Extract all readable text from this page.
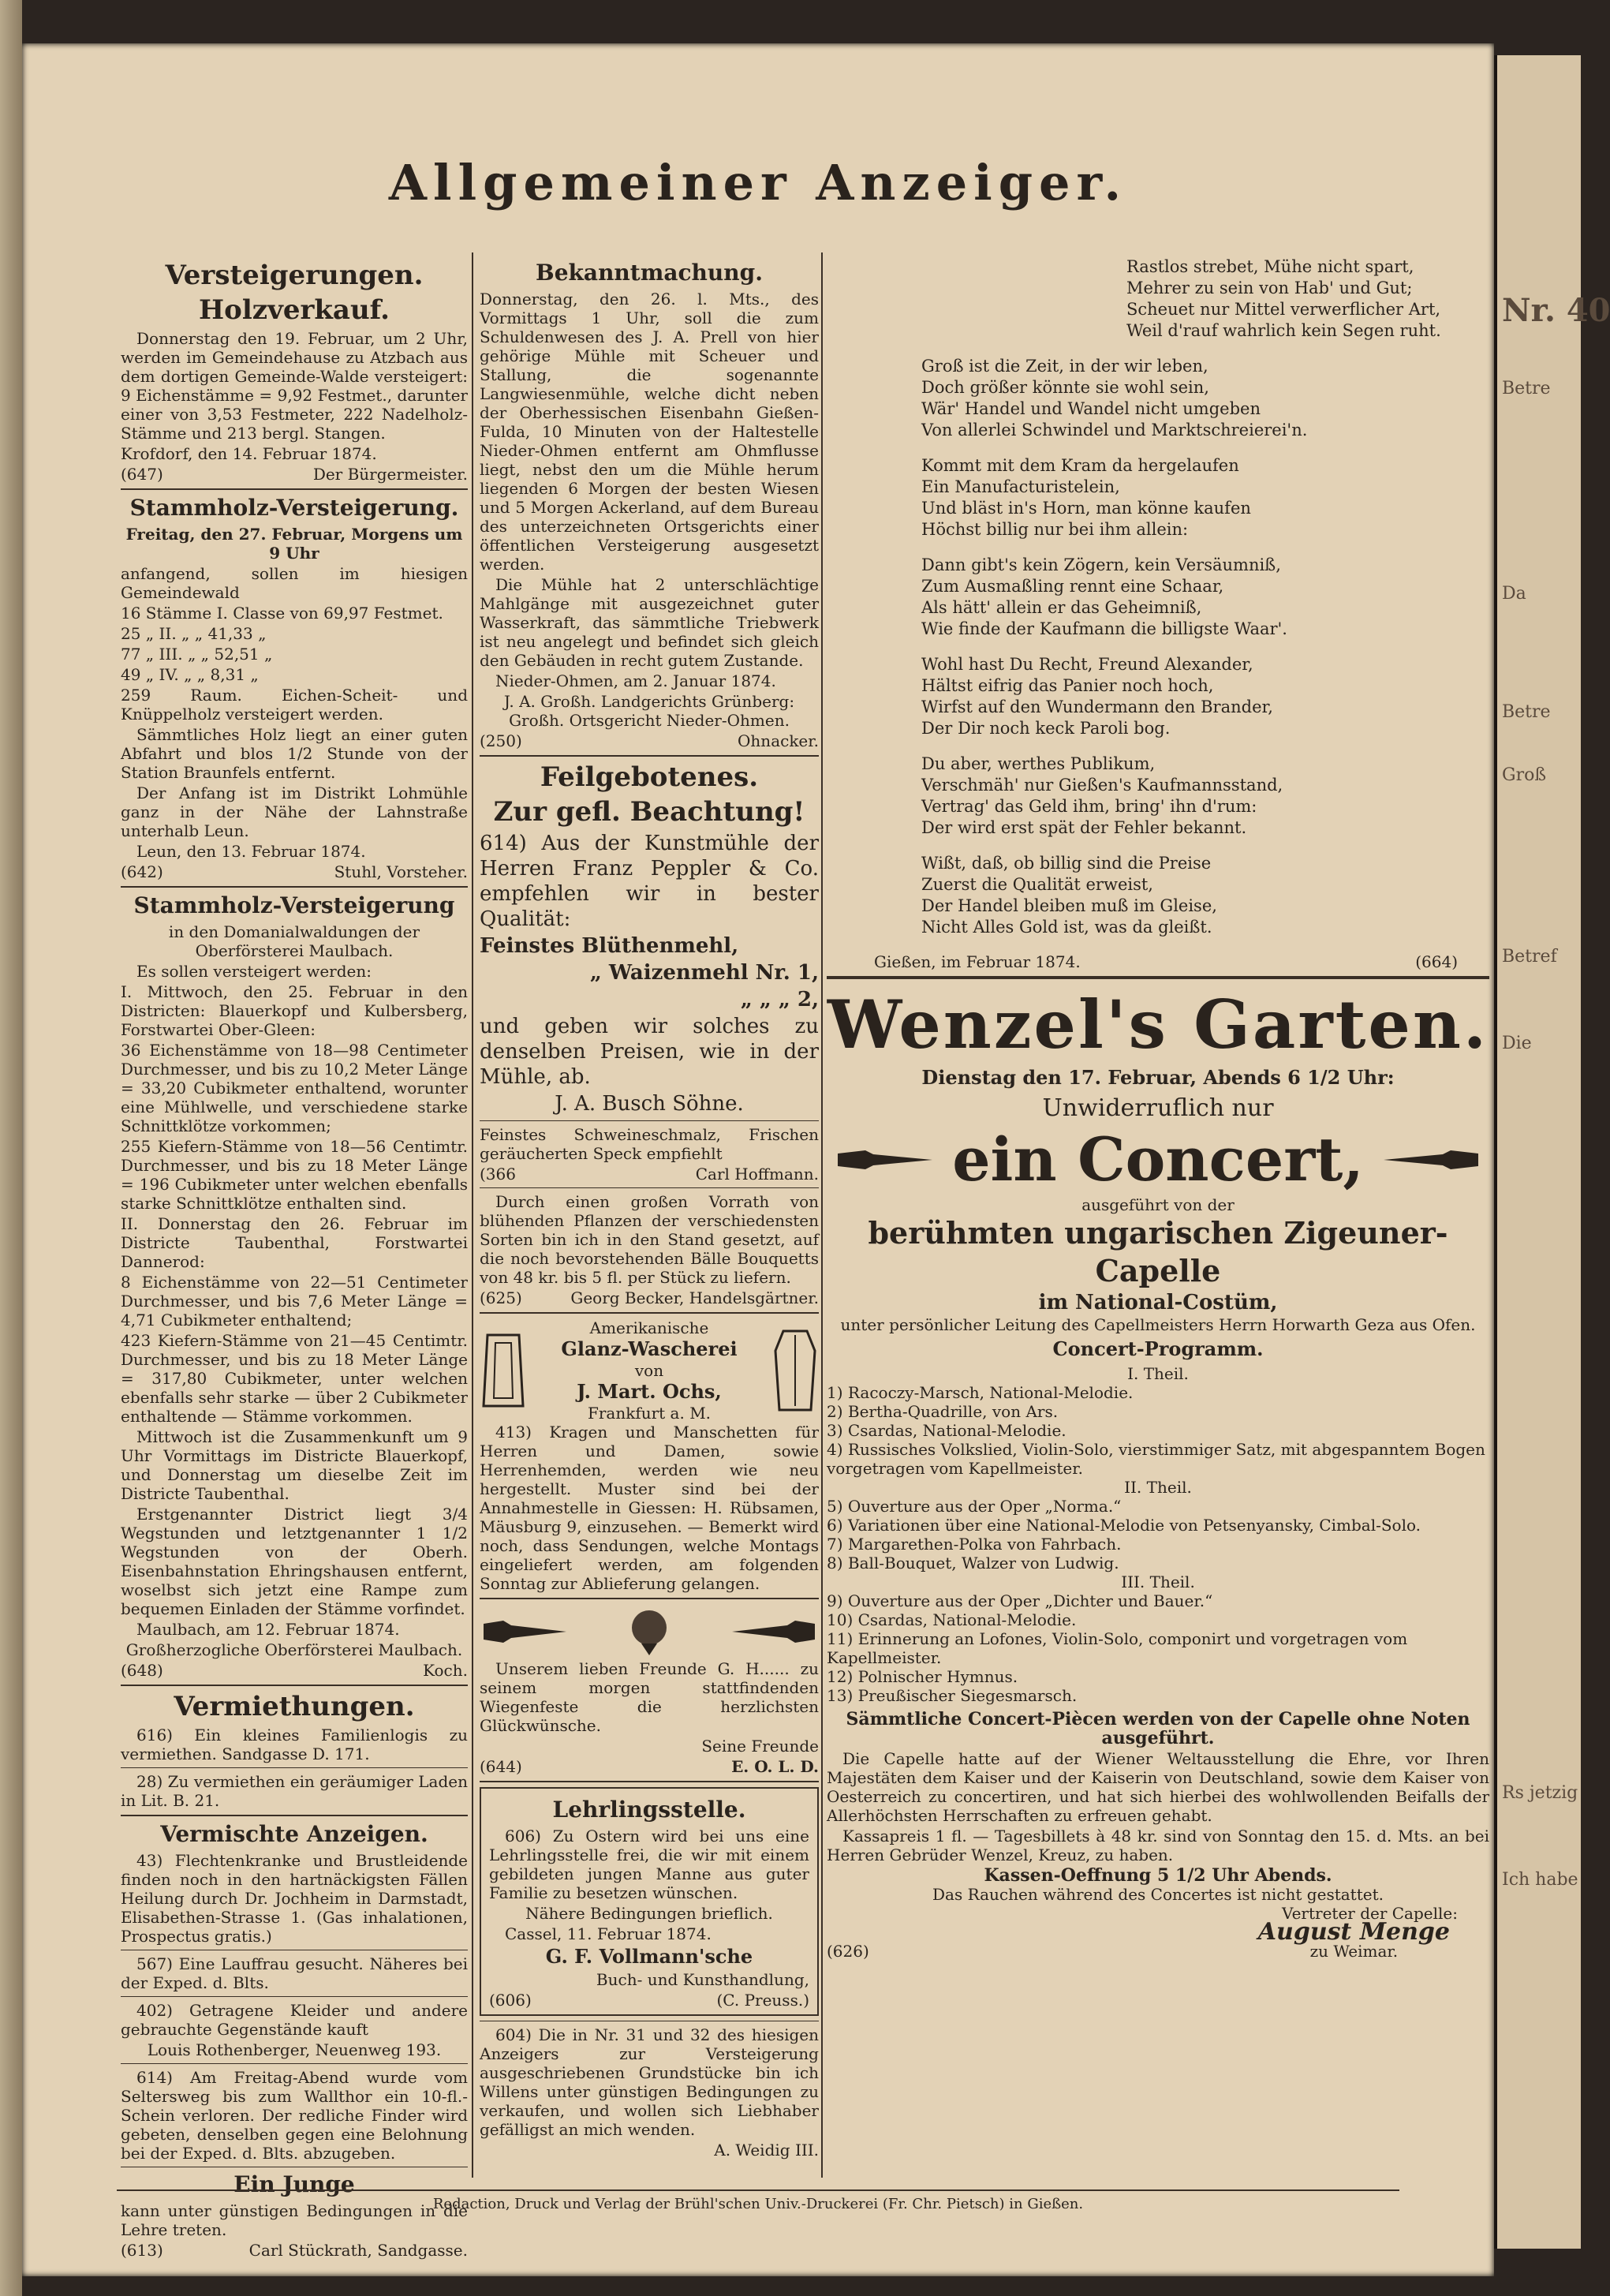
Allgemeiner Anzeiger.
Versteigerungen.
Holzverkauf.

Donnerstag den 19. Februar, um 2 Uhr, werden im Gemeindehause zu Atzbach aus dem dortigen Gemeinde-Walde versteigert: 9 Eichenstämme = 9,92 Festmet., darunter einer von 3,53 Festmeter, 222 Nadelholz-Stämme und 213 bergl. Stangen.

Krofdorf, den 14. Februar 1874.

(647)	Der Bürgermeister.
Stammholz-Versteigerung.

Freitag, den 27. Februar, Morgens um 9 Uhr

anfangend, sollen im hiesigen Gemeindewald

16 Stämme I. Classe von 69,97 Festmet.

25 „ II. „ „ 41,33 „

77 „ III. „ „ 52,51 „

49 „ IV. „ „ 8,31 „

259 Raum. Eichen-Scheit- und Knüppelholz versteigert werden.

Sämmtliches Holz liegt an einer guten Abfahrt und blos 1/2 Stunde von der Station Braunfels entfernt.

Der Anfang ist im Distrikt Lohmühle ganz in der Nähe der Lahnstraße unterhalb Leun.

Leun, den 13. Februar 1874.

(642)	Stuhl, Vorsteher.
Stammholz-Versteigerung

in den Domanialwaldungen der Oberförsterei Maulbach.

Es sollen versteigert werden:

I. Mittwoch, den 25. Februar in den Districten: Blauerkopf und Kulbersberg, Forstwartei Ober-Gleen:

36 Eichenstämme von 18—98 Centimeter Durchmesser, und bis zu 10,2 Meter Länge = 33,20 Cubikmeter enthaltend, worunter eine Mühlwelle, und verschiedene starke Schnittklötze vorkommen;

255 Kiefern-Stämme von 18—56 Centimtr. Durchmesser, und bis zu 18 Meter Länge = 196 Cubikmeter unter welchen ebenfalls starke Schnittklötze enthalten sind.

II. Donnerstag den 26. Februar im Districte Taubenthal, Forstwartei Dannerod:

8 Eichenstämme von 22—51 Centimeter Durchmesser, und bis 7,6 Meter Länge = 4,71 Cubikmeter enthaltend;

423 Kiefern-Stämme von 21—45 Centimtr. Durchmesser, und bis zu 18 Meter Länge = 317,80 Cubikmeter, unter welchen ebenfalls sehr starke — über 2 Cubikmeter enthaltende — Stämme vorkommen.

Mittwoch ist die Zusammenkunft um 9 Uhr Vormittags im Districte Blauerkopf, und Donnerstag um dieselbe Zeit im Districte Taubenthal.

Erstgenannter District liegt 3/4 Wegstunden und letztgenannter 1 1/2 Wegstunden von der Oberh. Eisenbahnstation Ehringshausen entfernt, woselbst sich jetzt eine Rampe zum bequemen Einladen der Stämme vorfindet.

Maulbach, am 12. Februar 1874.

Großherzogliche Oberförsterei Maulbach.

(648)	Koch.
Vermiethungen.

616) Ein kleines Familienlogis zu vermiethen. Sandgasse D. 171.

28) Zu vermiethen ein geräumiger Laden in Lit. B. 21.

Vermischte Anzeigen.

43) Flechtenkranke und Brustleidende finden noch in den hartnäckigsten Fällen Heilung durch Dr. Jochheim in Darmstadt, Elisabethen-Strasse 1. (Gas inhalationen, Prospectus gratis.)

567) Eine Lauffrau gesucht. Näheres bei der Exped. d. Blts.

402) Getragene Kleider und andere gebrauchte Gegenstände kauft

Louis Rothenberger, Neuenweg 193.

614) Am Freitag-Abend wurde vom Seltersweg bis zum Wallthor ein 10-fl.-Schein verloren. Der redliche Finder wird gebeten, denselben gegen eine Belohnung bei der Exped. d. Blts. abzugeben.

Ein Junge

kann unter günstigen Bedingungen in die Lehre treten.

(613)	Carl Stückrath, Sandgasse.
Bekanntmachung.

Donnerstag, den 26. l. Mts., des Vormittags 1 Uhr, soll die zum Schuldenwesen des J. A. Prell von hier gehörige Mühle mit Scheuer und Stallung, die sogenannte Langwiesenmühle, welche dicht neben der Oberhessischen Eisenbahn Gießen-Fulda, 10 Minuten von der Haltestelle Nieder-Ohmen entfernt am Ohmflusse liegt, nebst den um die Mühle herum liegenden 6 Morgen der besten Wiesen und 5 Morgen Ackerland, auf dem Bureau des unterzeichneten Ortsgerichts einer öffentlichen Versteigerung ausgesetzt werden.

Die Mühle hat 2 unterschlächtige Mahlgänge mit ausgezeichnet guter Wasserkraft, das sämmtliche Triebwerk ist neu angelegt und befindet sich gleich den Gebäuden in recht gutem Zustande.

Nieder-Ohmen, am 2. Januar 1874.

J. A. Großh. Landgerichts Grünberg: Großh. Ortsgericht Nieder-Ohmen.

(250)	Ohnacker.
Feilgebotenes.
Zur gefl. Beachtung!

614) Aus der Kunstmühle der Herren Franz Peppler & Co. empfehlen wir in bester Qualität:

Feinstes Blüthenmehl,

„ Waizenmehl Nr. 1,

„ „ „ 2,

und geben wir solches zu denselben Preisen, wie in der Mühle, ab.

J. A. Busch Söhne.

Feinstes Schweineschmalz, Frischen geräucherten Speck empfiehlt

(366	Carl Hoffmann.

Durch einen großen Vorrath von blühenden Pflanzen der verschiedensten Sorten bin ich in den Stand gesetzt, auf die noch bevorstehenden Bälle Bouquetts von 48 kr. bis 5 fl. per Stück zu liefern.

(625)	Georg Becker, Handelsgärtner.
Amerikanische
Glanz-Wascherei
von
J. Mart. Ochs,
Frankfurt a. M.

413) Kragen und Manschetten für Herren und Damen, sowie Herrenhemden, werden wie neu hergestellt. Muster sind bei der Annahmestelle in Giessen: H. Rübsamen, Mäusburg 9, einzusehen. — Bemerkt wird noch, dass Sendungen, welche Montags eingeliefert werden, am folgenden Sonntag zur Ablieferung gelangen.

Unserem lieben Freunde G. H...... zu seinem morgen stattfindenden Wiegenfeste die herzlichsten Glückwünsche.

Seine Freunde

(644)	E. O. L. D.
Lehrlingsstelle.

606) Zu Ostern wird bei uns eine Lehrlingsstelle frei, die wir mit einem gebildeten jungen Manne aus guter Familie zu besetzen wünschen.

Nähere Bedingungen brieflich.

Cassel, 11. Februar 1874.

G. F. Vollmann'sche

Buch- und Kunsthandlung,

(606)	(C. Preuss.)

604) Die in Nr. 31 und 32 des hiesigen Anzeigers zur Versteigerung ausgeschriebenen Grundstücke bin ich Willens unter günstigen Bedingungen zu verkaufen, und wollen sich Liebhaber gefälligst an mich wenden.

A. Weidig III.

Rastlos strebet, Mühe nicht spart,
Mehrer zu sein von Hab' und Gut;
Scheuet nur Mittel verwerflicher Art,
Weil d'rauf wahrlich kein Segen ruht.
Groß ist die Zeit, in der wir leben,
Doch größer könnte sie wohl sein,
Wär' Handel und Wandel nicht umgeben
Von allerlei Schwindel und Marktschreierei'n.
Kommt mit dem Kram da hergelaufen
Ein Manufacturistelein,
Und bläst in's Horn, man könne kaufen
Höchst billig nur bei ihm allein:
Dann gibt's kein Zögern, kein Versäumniß,
Zum Ausmaßling rennt eine Schaar,
Als hätt' allein er das Geheimniß,
Wie finde der Kaufmann die billigste Waar'.
Wohl hast Du Recht, Freund Alexander,
Hältst eifrig das Panier noch hoch,
Wirfst auf den Wundermann den Brander,
Der Dir noch keck Paroli bog.
Du aber, werthes Publikum,
Verschmäh' nur Gießen's Kaufmannsstand,
Vertrag' das Geld ihm, bring' ihn d'rum:
Der wird erst spät der Fehler bekannt.
Wißt, daß, ob billig sind die Preise
Zuerst die Qualität erweist,
Der Handel bleiben muß im Gleise,
Nicht Alles Gold ist, was da gleißt.
Gießen, im Februar 1874.	(664)
Wenzel's Garten.
Dienstag den 17. Februar, Abends 6 1/2 Uhr:
Unwiderruflich nur
ein Concert,
ausgeführt von der
berühmten ungarischen Zigeuner-Capelle
im National-Costüm,

unter persönlicher Leitung des Capellmeisters Herrn Horwarth Geza aus Ofen.

Concert-Programm.
I. Theil.
1) Racoczy-Marsch, National-Melodie.
2) Bertha-Quadrille, von Ars.
3) Csardas, National-Melodie.
4) Russisches Volkslied, Violin-Solo, vierstimmiger Satz, mit abgespanntem Bogen vorgetragen vom Kapellmeister.
II. Theil.
5) Ouverture aus der Oper „Norma.“
6) Variationen über eine National-Melodie von Petsenyansky, Cimbal-Solo.
7) Margarethen-Polka von Fahrbach.
8) Ball-Bouquet, Walzer von Ludwig.
III. Theil.
9) Ouverture aus der Oper „Dichter und Bauer.“
10) Csardas, National-Melodie.
11) Erinnerung an Lofones, Violin-Solo, componirt und vorgetragen vom Kapellmeister.
12) Polnischer Hymnus.
13) Preußischer Siegesmarsch.

Sämmtliche Concert-Piècen werden von der Capelle ohne Noten ausgeführt.

Die Capelle hatte auf der Wiener Weltausstellung die Ehre, vor Ihren Majestäten dem Kaiser und der Kaiserin von Deutschland, sowie dem Kaiser von Oesterreich zu concertiren, und hat sich hierbei des wohlwollenden Beifalls der Allerhöchsten Herrschaften zu erfreuen gehabt.

Kassapreis 1 fl. — Tagesbillets à 48 kr. sind von Sonntag den 15. d. Mts. an bei Herren Gebrüder Wenzel, Kreuz, zu haben.

Kassen-Oeffnung 5 1/2 Uhr Abends.
Das Rauchen während des Concertes ist nicht gestattet.
Vertreter der Capelle:
(626)
August Menge
zu Weimar.
Redaction, Druck und Verlag der Brühl'schen Univ.-Druckerei (Fr. Chr. Pietsch) in Gießen.
Nr. 40
Betre
Da
Betre
Groß
Betref
Die
Rs jetzig
Ich habe
